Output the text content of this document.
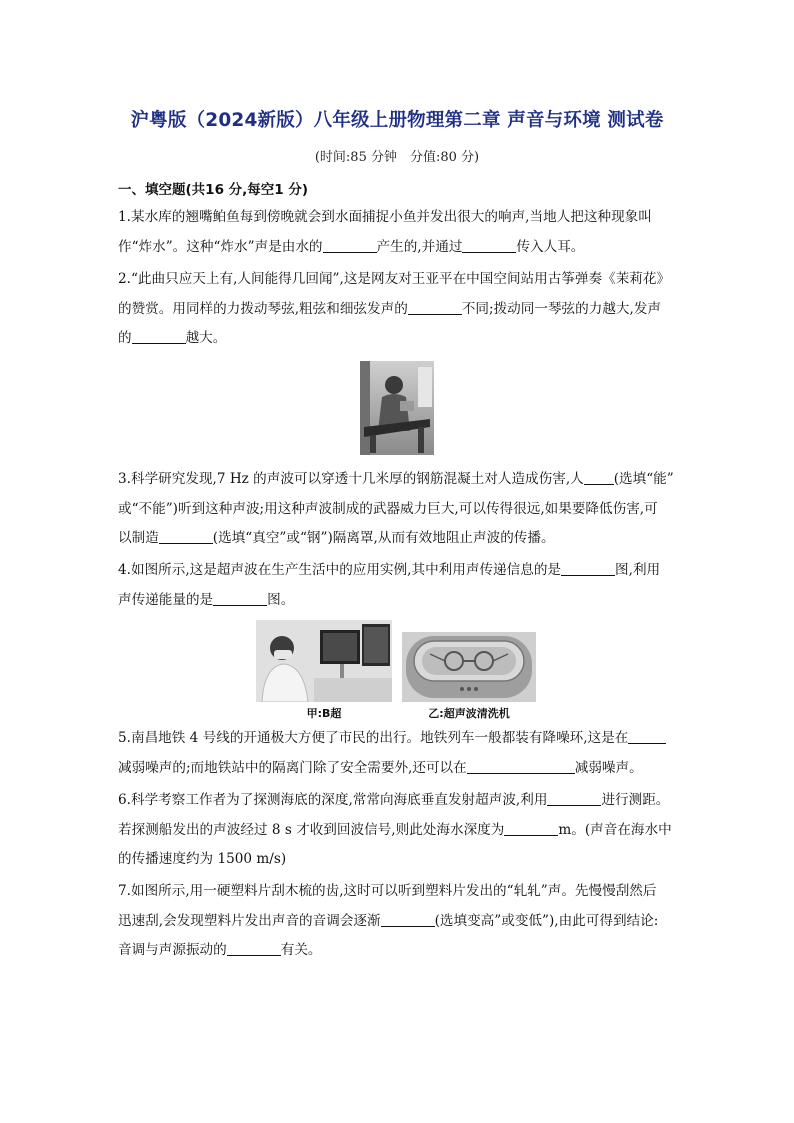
沪粤版（2024新版）八年级上册物理第二章 声音与环境 测试卷
(时间:85 分钟　分值:80 分)
一、填空题(共16 分,每空1 分)

1.某水库的翘嘴鲌鱼每到傍晚就会到水面捕捉小鱼并发出很大的响声,当地人把这种现象叫

作“炸水”。这种“炸水”声是由水的	产生的,并通过	传入人耳。

2.“此曲只应天上有,人间能得几回闻”,这是网友对王亚平在中国空间站用古筝弹奏《茉莉花》

的赞赏。用同样的力拨动琴弦,粗弦和细弦发声的	不同;拨动同一琴弦的力越大,发声

的	越大。

3.科学研究发现,7 Hz 的声波可以穿透十几米厚的钢筋混凝土对人造成伤害,人 (选填“能”

或“不能”)听到这种声波;用这种声波制成的武器威力巨大,可以传得很远,如果要降低伤害,可

以制造	(选填“真空”或“钢”)隔离罩,从而有效地阻止声波的传播。

4.如图所示,这是超声波在生产生活中的应用实例,其中利用声传递信息的是	图,利用

声传递能量的是	图。

甲:B超	乙:超声波清洗机

5.南昌地铁 4 号线的开通极大方便了市民的出行。地铁列车一般都装有降噪环,这是在

减弱噪声的;而地铁站中的隔离门除了安全需要外,还可以在	减弱噪声。

6.科学考察工作者为了探测海底的深度,常常向海底垂直发射超声波,利用	进行测距。

若探测船发出的声波经过 8 s 才收到回波信号,则此处海水深度为	m。(声音在海水中

的传播速度约为 1500 m/s)

7.如图所示,用一硬塑料片刮木梳的齿,这时可以听到塑料片发出的“轧轧”声。先慢慢刮然后

迅速刮,会发现塑料片发出声音的音调会逐渐	(选填变高”或变低”),由此可得到结论:

音调与声源振动的	有关。
